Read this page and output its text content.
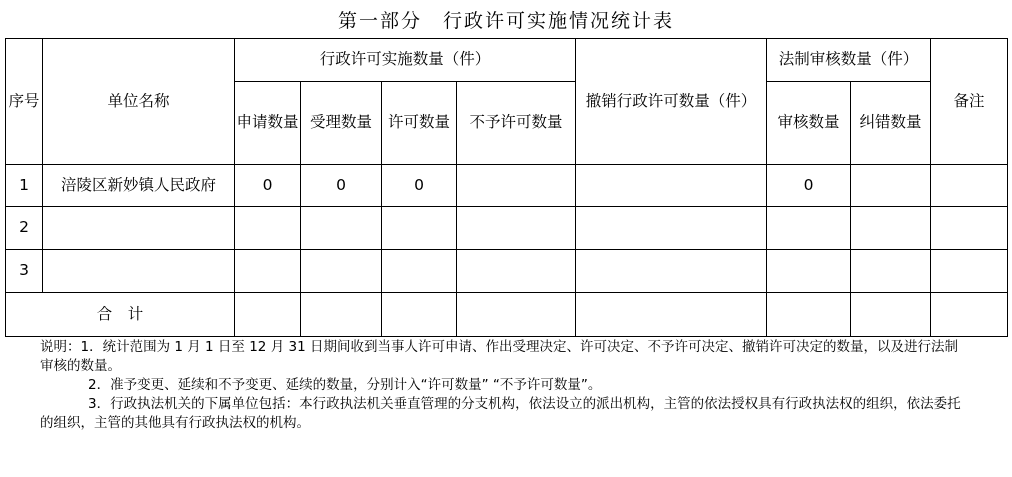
第一部分　行政许可实施情况统计表
序号	单位名称	行政许可实施数量（件）				撤销行政许可数量（件）	法制审核数量（件）		备注
		申请数量	受理数量	许可数量	不予许可数量		审核数量	纠错数量	
1	涪陵区新妙镇人民政府	0	0	0			0		
2									
3									
合　计									

说明：1．统计范围为 1 月 1 日至 12 月 31 日期间收到当事人许可申请、作出受理决定、许可决定、不予许可决定、撤销许可决定的数量，以及进行法制审核的数量。

2．准予变更、延续和不予变更、延续的数量，分别计入“许可数量” “不予许可数量”。

3．行政执法机关的下属单位包括：本行政执法机关垂直管理的分支机构，依法设立的派出机构，主管的依法授权具有行政执法权的组织，依法委托的组织，主管的其他具有行政执法权的机构。
